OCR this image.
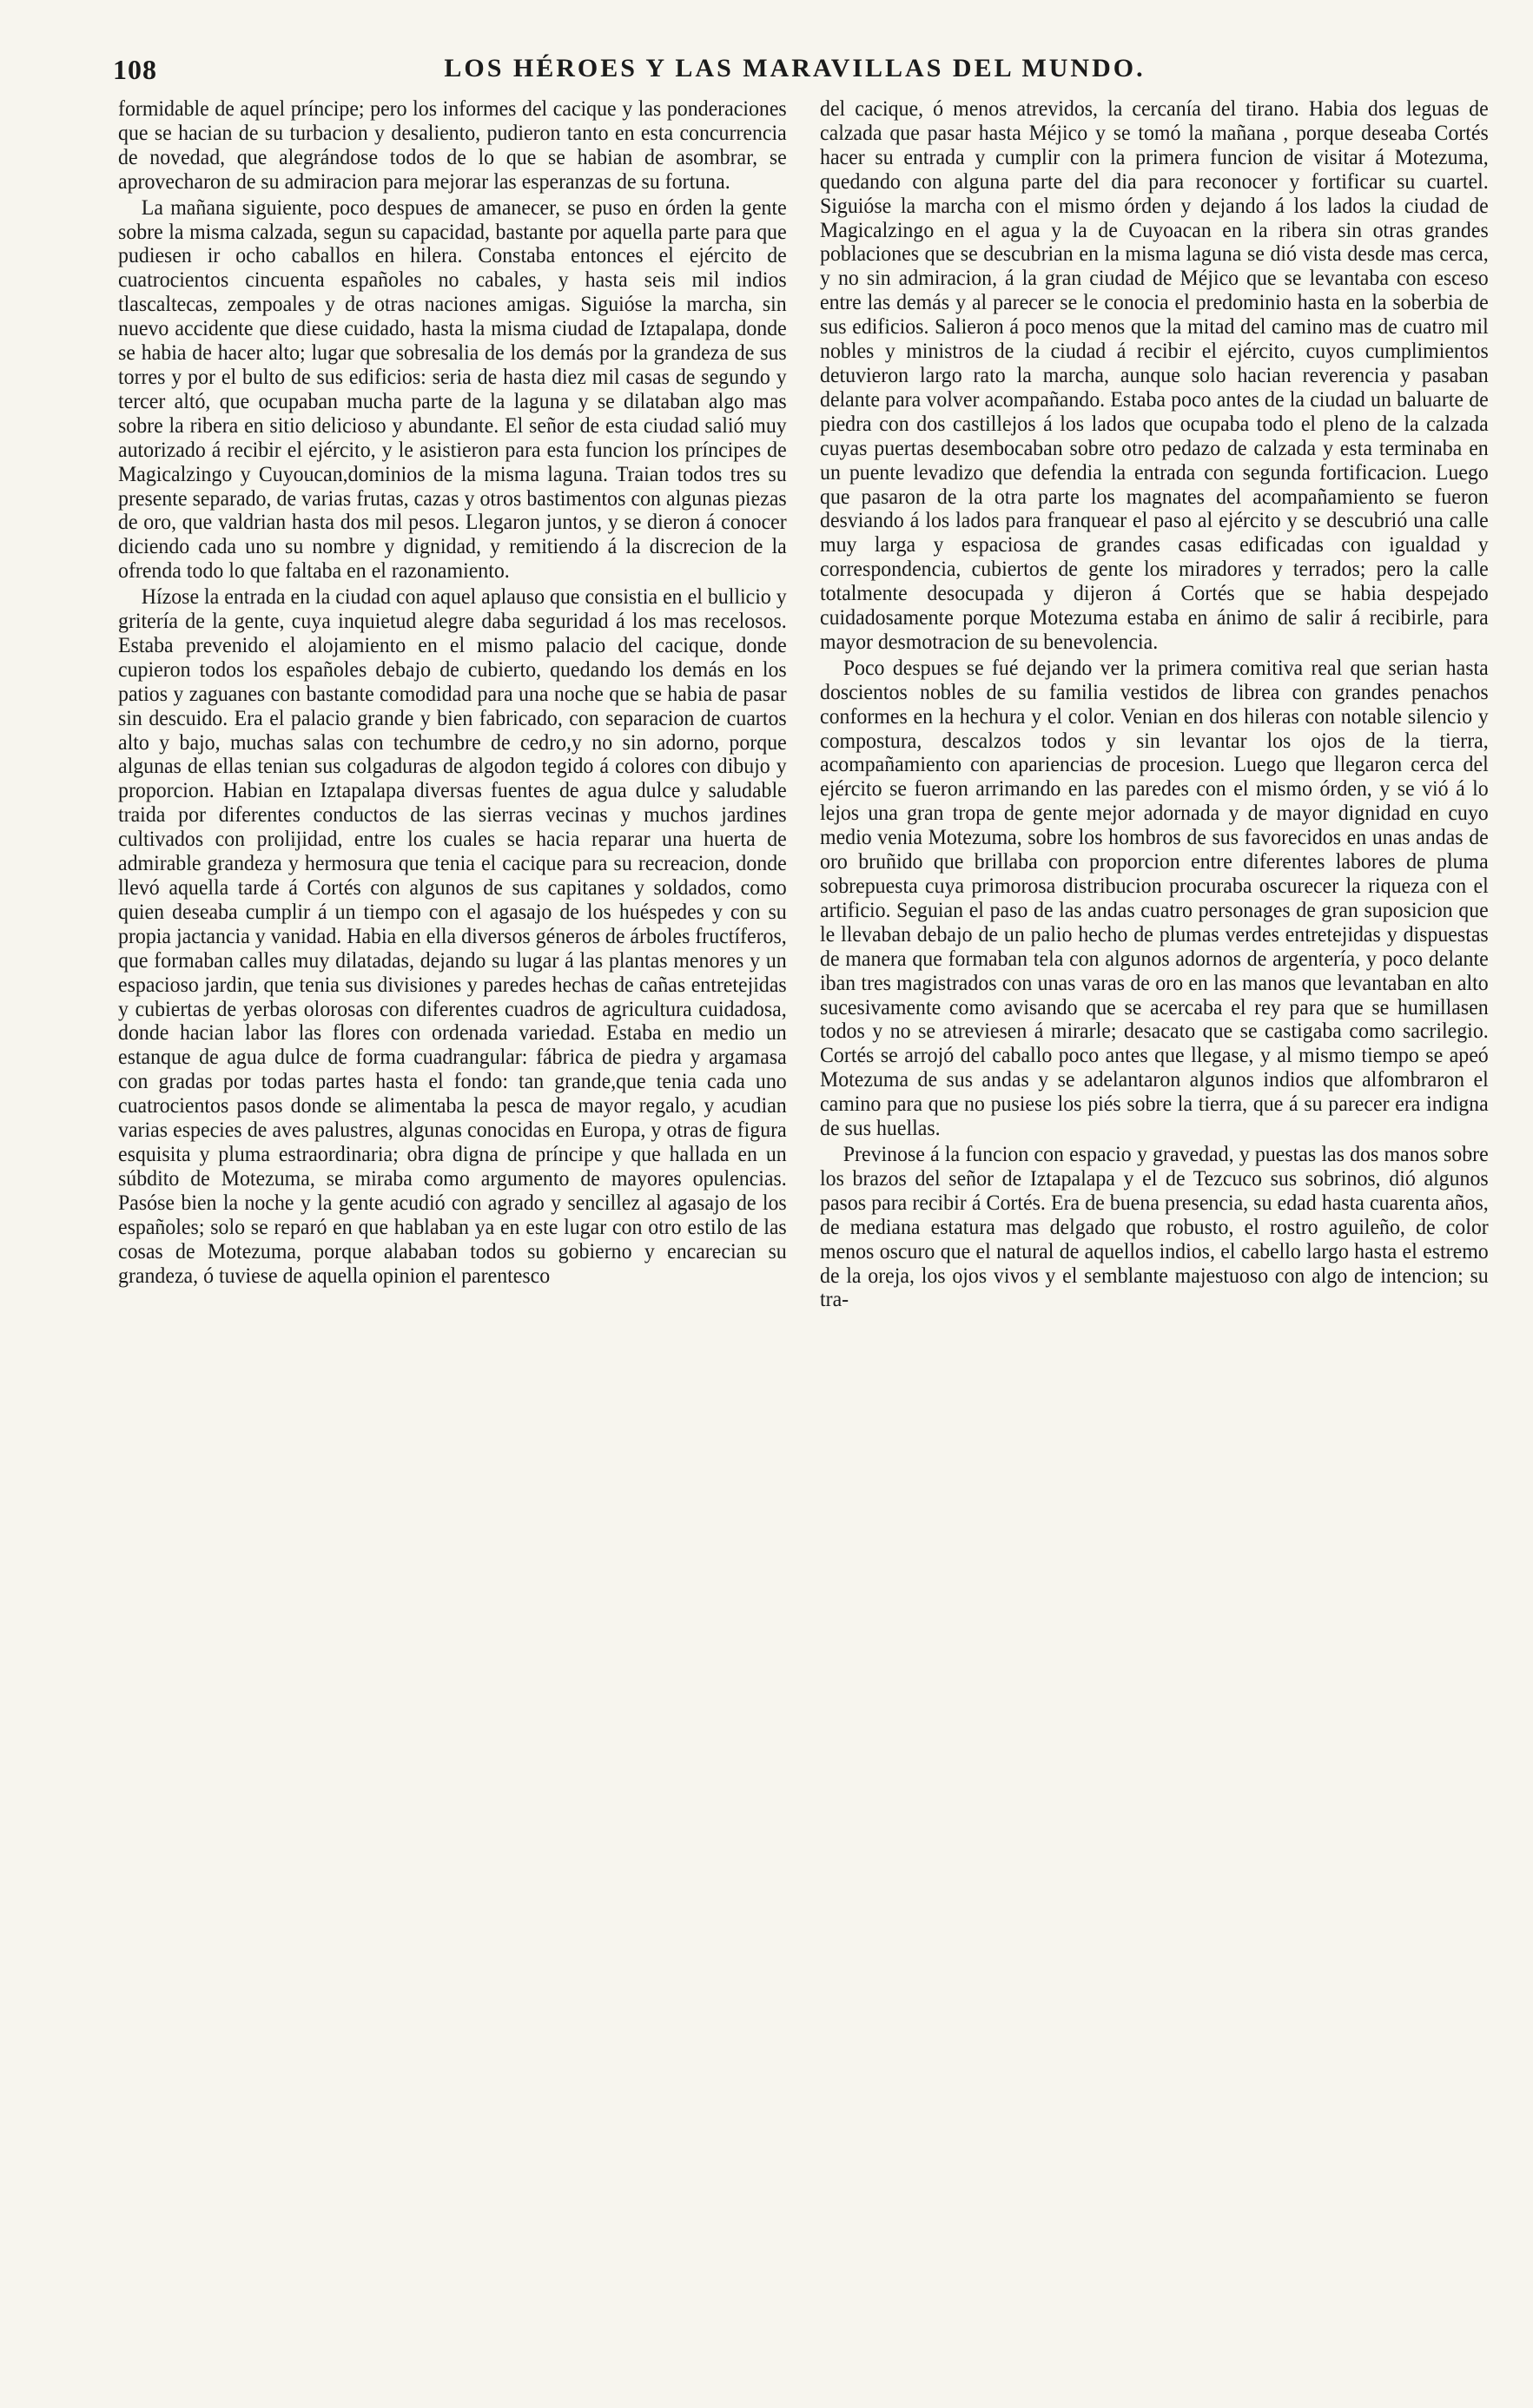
108	LOS HÉROES Y LAS MARAVILLAS DEL MUNDO.

formidable de aquel príncipe; pero los informes del cacique y las ponderaciones que se hacian de su turbacion y desaliento, pudieron tanto en esta concurrencia de novedad, que alegrándose todos de lo que se habian de asombrar, se aprovecharon de su admiracion para mejorar las esperanzas de su fortuna.

La mañana siguiente, poco despues de amanecer, se puso en órden la gente sobre la misma calzada, segun su capacidad, bastante por aquella parte para que pudiesen ir ocho caballos en hilera. Constaba entonces el ejército de cuatrocientos cincuenta españoles no cabales, y hasta seis mil indios tlascaltecas, zempoales y de otras naciones amigas. Siguióse la marcha, sin nuevo accidente que diese cuidado, hasta la misma ciudad de Iztapalapa, donde se habia de hacer alto; lugar que sobresalia de los demás por la grandeza de sus torres y por el bulto de sus edificios: seria de hasta diez mil casas de segundo y tercer altó, que ocupaban mucha parte de la laguna y se dilataban algo mas sobre la ribera en sitio delicioso y abundante. El señor de esta ciudad salió muy autorizado á recibir el ejército, y le asistieron para esta funcion los príncipes de Magicalzingo y Cuyoucan,dominios de la misma laguna. Traian todos tres su presente separado, de varias frutas, cazas y otros bastimentos con algunas piezas de oro, que valdrian hasta dos mil pesos. Llegaron juntos, y se dieron á conocer diciendo cada uno su nombre y dignidad, y remitiendo á la discrecion de la ofrenda todo lo que faltaba en el razonamiento.

Hízose la entrada en la ciudad con aquel aplauso que consistia en el bullicio y gritería de la gente, cuya inquietud alegre daba seguridad á los mas recelosos. Estaba prevenido el alojamiento en el mismo palacio del cacique, donde cupieron todos los españoles debajo de cubierto, quedando los demás en los patios y zaguanes con bastante comodidad para una noche que se habia de pasar sin descuido. Era el palacio grande y bien fabricado, con separacion de cuartos alto y bajo, muchas salas con techumbre de cedro,y no sin adorno, porque algunas de ellas tenian sus colgaduras de algodon tegido á colores con dibujo y proporcion. Habian en Iztapalapa diversas fuentes de agua dulce y saludable traida por diferentes conductos de las sierras vecinas y muchos jardines cultivados con prolijidad, entre los cuales se hacia reparar una huerta de admirable grandeza y hermosura que tenia el cacique para su recreacion, donde llevó aquella tarde á Cortés con algunos de sus capitanes y soldados, como quien deseaba cumplir á un tiempo con el agasajo de los huéspedes y con su propia jactancia y vanidad. Habia en ella diversos géneros de árboles fructíferos, que formaban calles muy dilatadas, dejando su lugar á las plantas menores y un espacioso jardin, que tenia sus divisiones y paredes hechas de cañas entretejidas y cubiertas de yerbas olorosas con diferentes cuadros de agricultura cuidadosa, donde hacian labor las flores con ordenada variedad. Estaba en medio un estanque de agua dulce de forma cuadrangular: fábrica de piedra y argamasa con gradas por todas partes hasta el fondo: tan grande,que tenia cada uno cuatrocientos pasos donde se alimentaba la pesca de mayor regalo, y acudian varias especies de aves palustres, algunas conocidas en Europa, y otras de figura esquisita y pluma estraordinaria; obra digna de príncipe y que hallada en un súbdito de Motezuma, se miraba como argumento de mayores opulencias. Pasóse bien la noche y la gente acudió con agrado y sencillez al agasajo de los españoles; solo se reparó en que hablaban ya en este lugar con otro estilo de las cosas de Motezuma, porque alababan todos su gobierno y encarecian su grandeza, ó tuviese de aquella opinion el parentesco

del cacique, ó menos atrevidos, la cercanía del tirano. Habia dos leguas de calzada que pasar hasta Méjico y se tomó la mañana , porque deseaba Cortés hacer su entrada y cumplir con la primera funcion de visitar á Motezuma, quedando con alguna parte del dia para reconocer y fortificar su cuartel. Siguióse la marcha con el mismo órden y dejando á los lados la ciudad de Magicalzingo en el agua y la de Cuyoacan en la ribera sin otras grandes poblaciones que se descubrian en la misma laguna se dió vista desde mas cerca, y no sin admiracion, á la gran ciudad de Méjico que se levantaba con esceso entre las demás y al parecer se le conocia el predominio hasta en la soberbia de sus edificios. Salieron á poco menos que la mitad del camino mas de cuatro mil nobles y ministros de la ciudad á recibir el ejército, cuyos cumplimientos detuvieron largo rato la marcha, aunque solo hacian reverencia y pasaban delante para volver acompañando. Estaba poco antes de la ciudad un baluarte de piedra con dos castillejos á los lados que ocupaba todo el pleno de la calzada cuyas puertas desembocaban sobre otro pedazo de calzada y esta terminaba en un puente levadizo que defendia la entrada con segunda fortificacion. Luego que pasaron de la otra parte los magnates del acompañamiento se fueron desviando á los lados para franquear el paso al ejército y se descubrió una calle muy larga y espaciosa de grandes casas edificadas con igualdad y correspondencia, cubiertos de gente los miradores y terrados; pero la calle totalmente desocupada y dijeron á Cortés que se habia despejado cuidadosamente porque Motezuma estaba en ánimo de salir á recibirle, para mayor desmotracion de su benevolencia.

Poco despues se fué dejando ver la primera comitiva real que serian hasta doscientos nobles de su familia vestidos de librea con grandes penachos conformes en la hechura y el color. Venian en dos hileras con notable silencio y compostura, descalzos todos y sin levantar los ojos de la tierra, acompañamiento con apariencias de procesion. Luego que llegaron cerca del ejército se fueron arrimando en las paredes con el mismo órden, y se vió á lo lejos una gran tropa de gente mejor adornada y de mayor dignidad en cuyo medio venia Motezuma, sobre los hombros de sus favorecidos en unas andas de oro bruñido que brillaba con proporcion entre diferentes labores de pluma sobrepuesta cuya primorosa distribucion procuraba oscurecer la riqueza con el artificio. Seguian el paso de las andas cuatro personages de gran suposicion que le llevaban debajo de un palio hecho de plumas verdes entretejidas y dispuestas de manera que formaban tela con algunos adornos de argentería, y poco delante iban tres magistrados con unas varas de oro en las manos que levantaban en alto sucesivamente como avisando que se acercaba el rey para que se humillasen todos y no se atreviesen á mirarle; desacato que se castigaba como sacrilegio. Cortés se arrojó del caballo poco antes que llegase, y al mismo tiempo se apeó Motezuma de sus andas y se adelantaron algunos indios que alfombraron el camino para que no pusiese los piés sobre la tierra, que á su parecer era indigna de sus huellas.

Previnose á la funcion con espacio y gravedad, y puestas las dos manos sobre los brazos del señor de Iztapalapa y el de Tezcuco sus sobrinos, dió algunos pasos para recibir á Cortés. Era de buena presencia, su edad hasta cuarenta años, de mediana estatura mas delgado que robusto, el rostro aguileño, de color menos oscuro que el natural de aquellos indios, el cabello largo hasta el estremo de la oreja, los ojos vivos y el semblante majestuoso con algo de intencion; su tra-
